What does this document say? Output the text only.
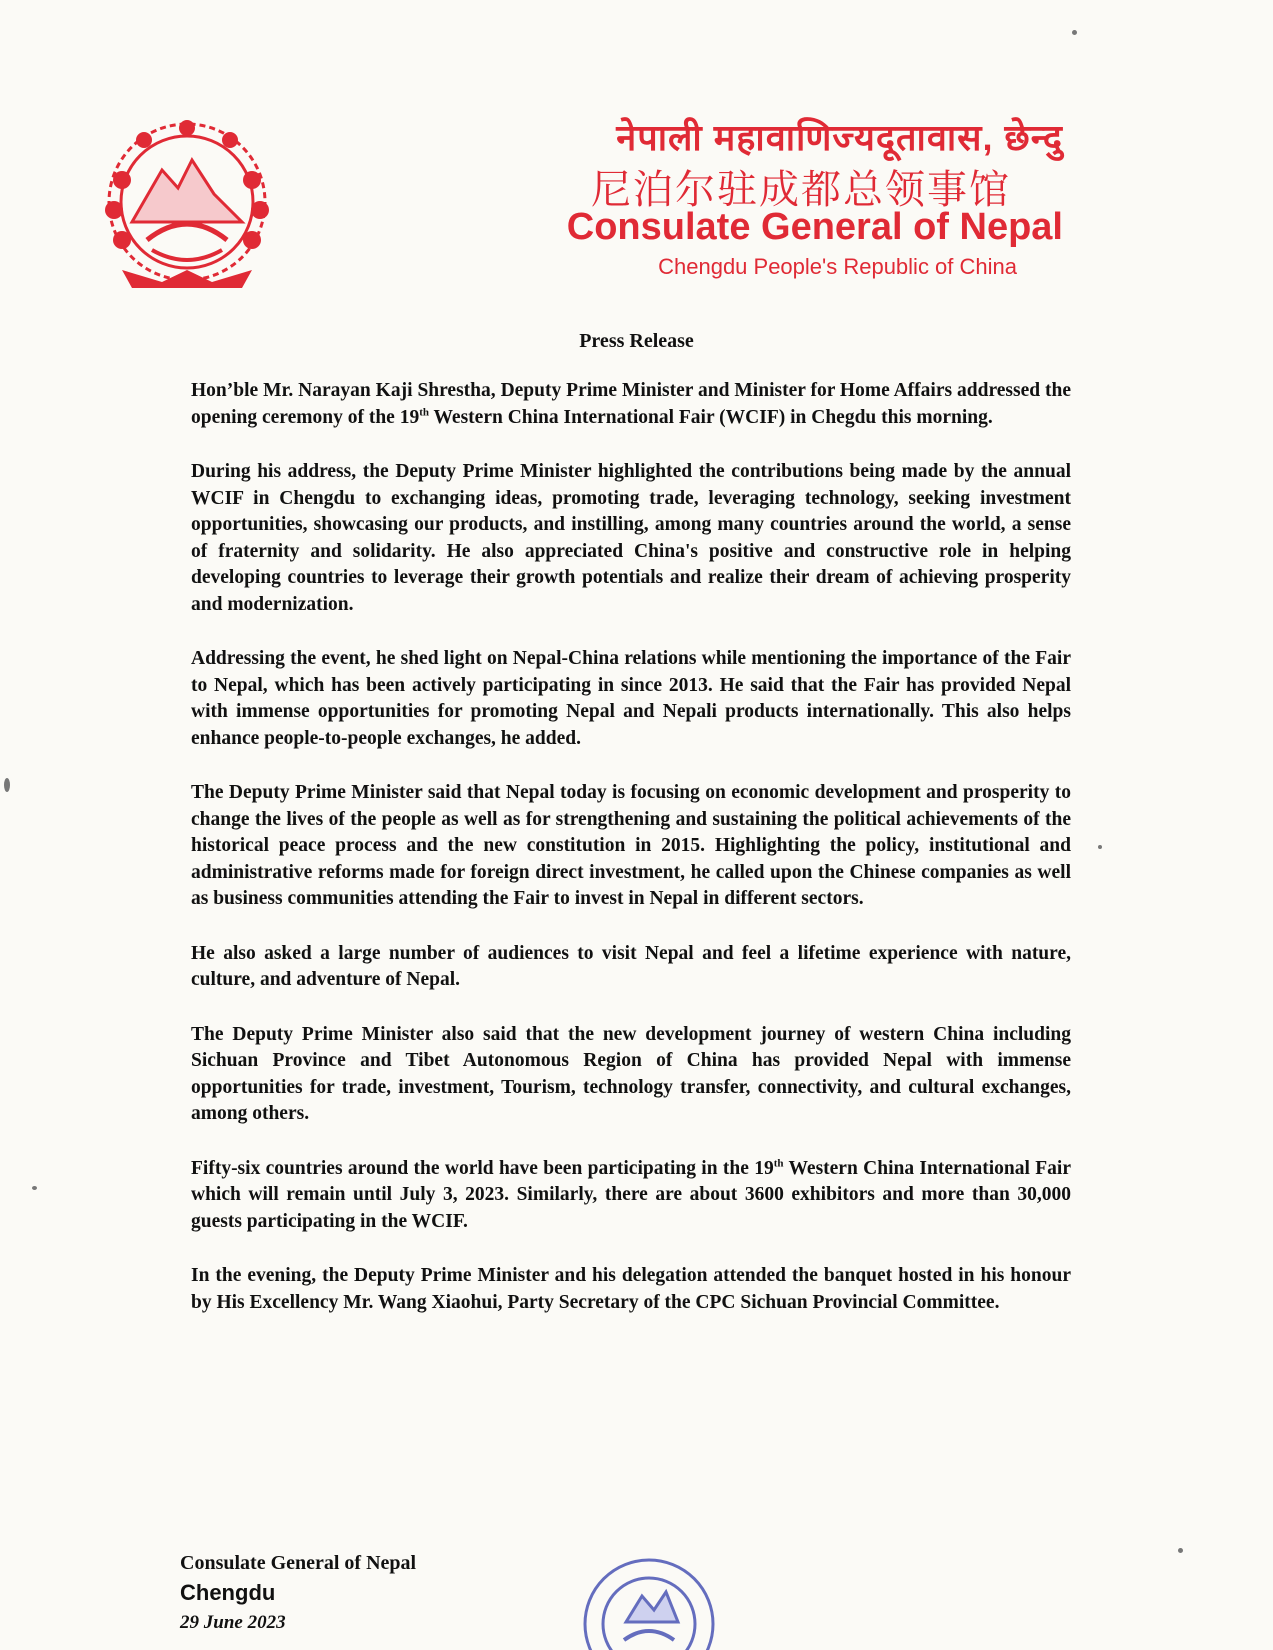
नेपाली महावाणिज्यदूतावास, छेन्दु
尼泊尔驻成都总领事馆
Consulate General of Nepal
Chengdu People's Republic of China
Press Release

Hon’ble Mr. Narayan Kaji Shrestha, Deputy Prime Minister and Minister for Home Affairs addressed the opening ceremony of the 19th Western China International Fair (WCIF) in Chegdu this morning.

During his address, the Deputy Prime Minister highlighted the contributions being made by the annual WCIF in Chengdu to exchanging ideas, promoting trade, leveraging technology, seeking investment opportunities, showcasing our products, and instilling, among many countries around the world, a sense of fraternity and solidarity. He also appreciated China's positive and constructive role in helping developing countries to leverage their growth potentials and realize their dream of achieving prosperity and modernization.

Addressing the event, he shed light on Nepal-China relations while mentioning the importance of the Fair to Nepal, which has been actively participating in since 2013. He said that the Fair has provided Nepal with immense opportunities for promoting Nepal and Nepali products internationally. This also helps enhance people-to-people exchanges, he added.

The Deputy Prime Minister said that Nepal today is focusing on economic development and prosperity to change the lives of the people as well as for strengthening and sustaining the political achievements of the historical peace process and the new constitution in 2015. Highlighting the policy, institutional and administrative reforms made for foreign direct investment, he called upon the Chinese companies as well as business communities attending the Fair to invest in Nepal in different sectors.

He also asked a large number of audiences to visit Nepal and feel a lifetime experience with nature, culture, and adventure of Nepal.

The Deputy Prime Minister also said that the new development journey of western China including Sichuan Province and Tibet Autonomous Region of China has provided Nepal with immense opportunities for trade, investment, Tourism, technology transfer, connectivity, and cultural exchanges, among others.

Fifty-six countries around the world have been participating in the 19th Western China International Fair which will remain until July 3, 2023. Similarly, there are about 3600 exhibitors and more than 30,000 guests participating in the WCIF.

In the evening, the Deputy Prime Minister and his delegation attended the banquet hosted in his honour by His Excellency Mr. Wang Xiaohui, Party Secretary of the CPC Sichuan Provincial Committee.

Consulate General of Nepal
Chengdu
29 June 2023
